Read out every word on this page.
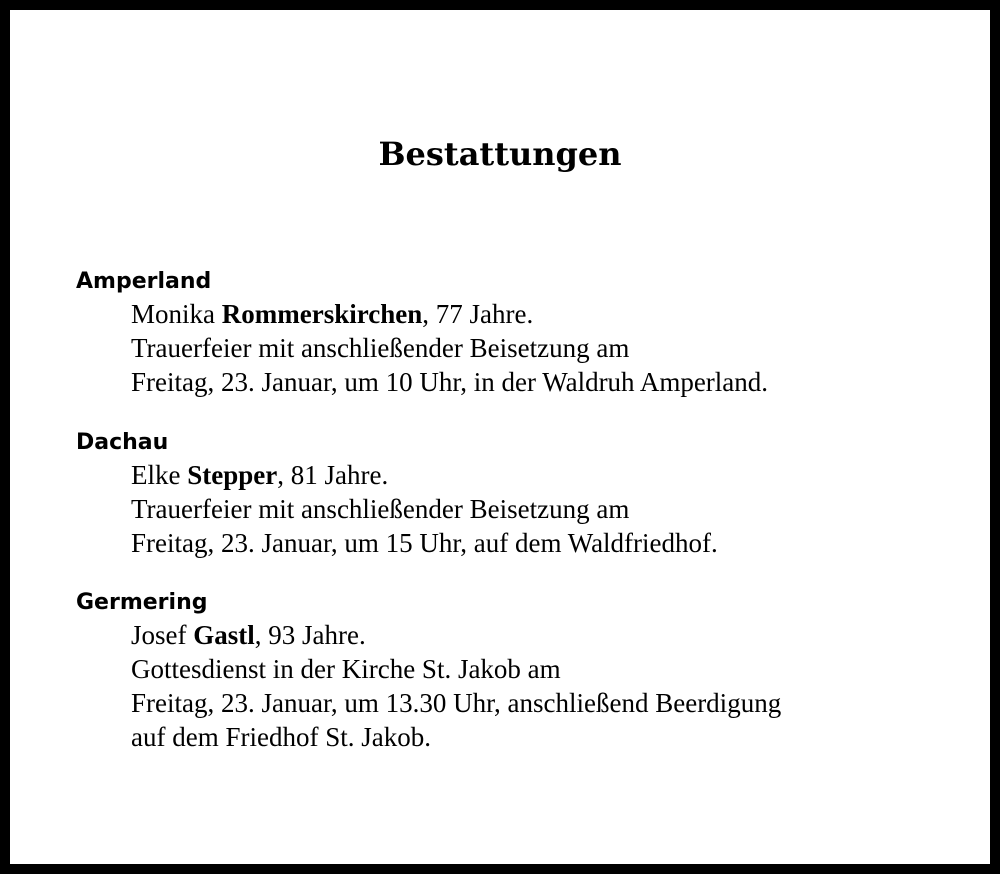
Bestattungen

Amperland

Monika Rommerskirchen, 77 Jahre.
Trauerfeier mit anschließender Beisetzung am
Freitag, 23. Januar, um 10 Uhr, in der Waldruh Amperland.

Dachau

Elke Stepper, 81 Jahre.
Trauerfeier mit anschließender Beisetzung am
Freitag, 23. Januar, um 15 Uhr, auf dem Waldfriedhof.

Germering

Josef Gastl, 93 Jahre.
Gottesdienst in der Kirche St. Jakob am
Freitag, 23. Januar, um 13.30 Uhr, anschließend Beerdigung
auf dem Friedhof St. Jakob.
